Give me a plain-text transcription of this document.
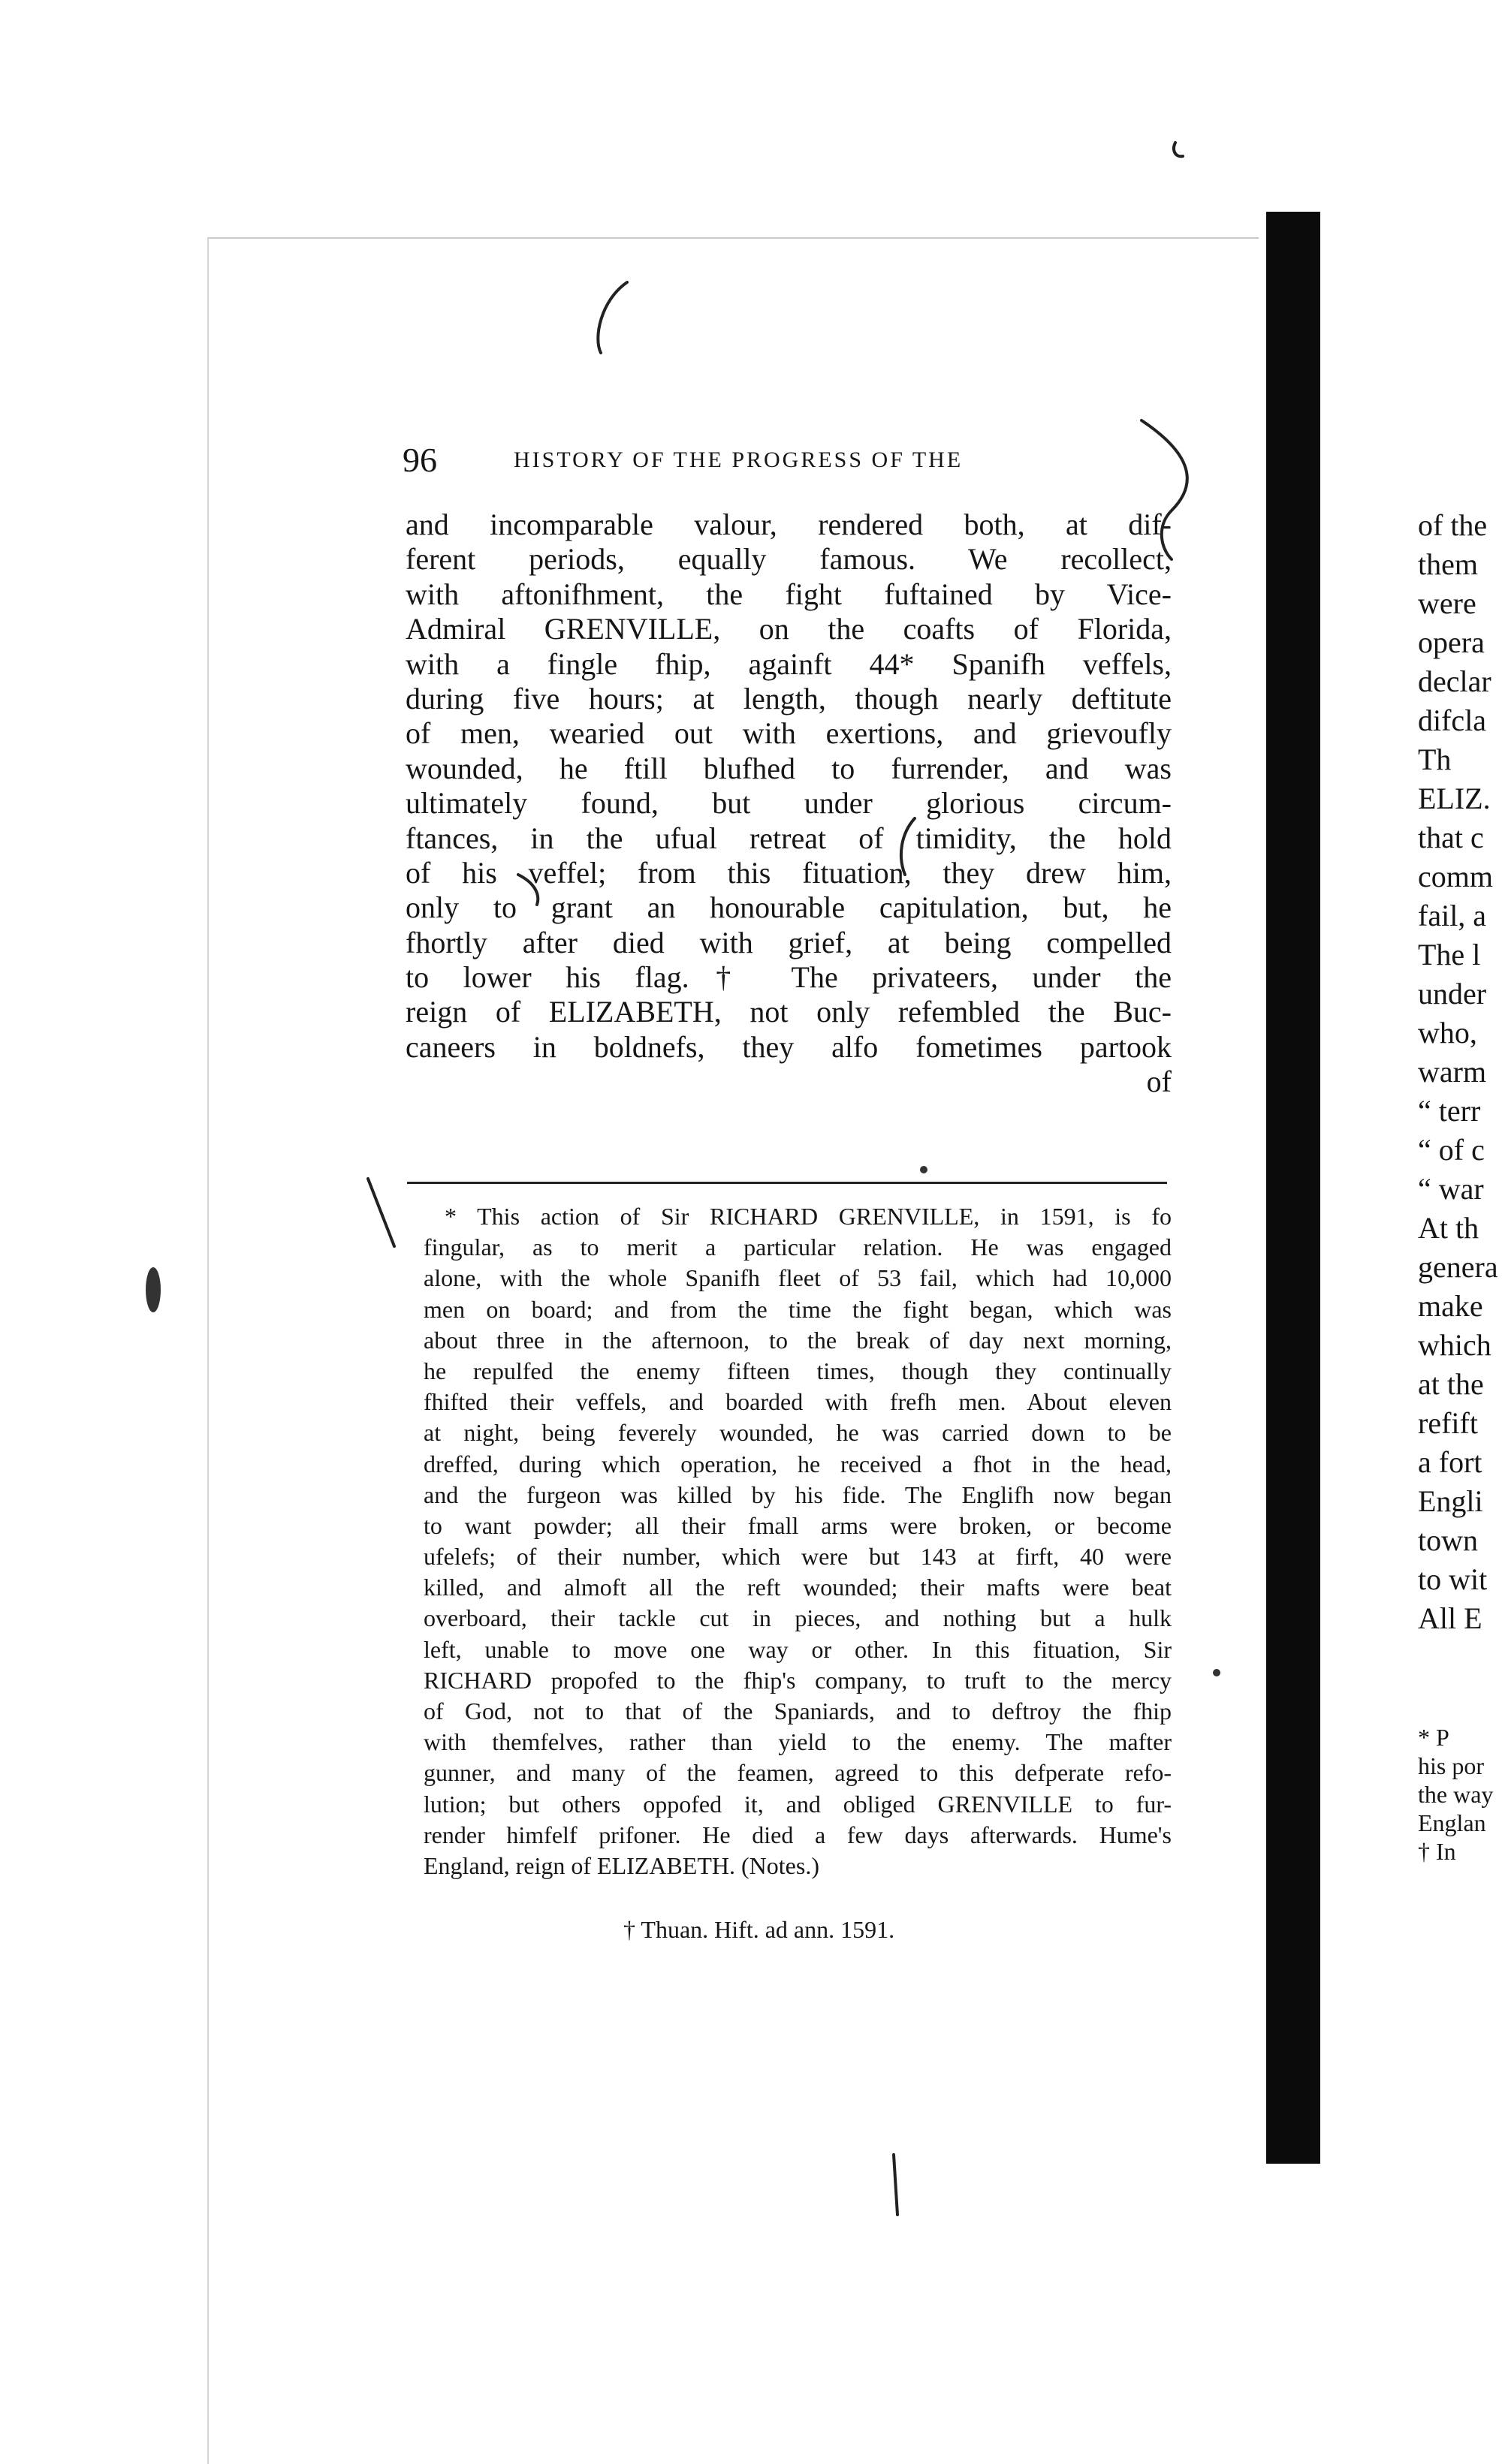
96	HISTORY OF THE PROGRESS OF THE
and incomparable valour, rendered both, at dif-
ferent periods, equally famous. We recollect,
with aftonifhment, the fight fuftained by Vice-
Admiral GRENVILLE, on the coafts of Florida,
with a fingle fhip, againft 44* Spanifh veffels,
during five hours; at length, though nearly deftitute
of men, wearied out with exertions, and grievoufly
wounded, he ftill blufhed to furrender, and was
ultimately found, but under glorious circum-
ftances, in the ufual retreat of timidity, the hold
of his veffel; from this fituation, they drew him,
only to grant an honourable capitulation, but, he
fhortly after died with grief, at being compelled
to lower his flag.† The privateers, under the
reign of ELIZABETH, not only refembled the Buc-
caneers in boldnefs, they alfo fometimes partook
of
* This action of Sir RICHARD GRENVILLE, in 1591, is fo
fingular, as to merit a particular relation. He was engaged
alone, with the whole Spanifh fleet of 53 fail, which had 10,000
men on board; and from the time the fight began, which was
about three in the afternoon, to the break of day next morning,
he repulfed the enemy fifteen times, though they continually
fhifted their veffels, and boarded with frefh men. About eleven
at night, being feverely wounded, he was carried down to be
dreffed, during which operation, he received a fhot in the head,
and the furgeon was killed by his fide. The Englifh now began
to want powder; all their fmall arms were broken, or become
ufelefs; of their number, which were but 143 at firft, 40 were
killed, and almoft all the reft wounded; their mafts were beat
overboard, their tackle cut in pieces, and nothing but a hulk
left, unable to move one way or other. In this fituation, Sir
RICHARD propofed to the fhip's company, to truft to the mercy
of God, not to that of the Spaniards, and to deftroy the fhip
with themfelves, rather than yield to the enemy. The mafter
gunner, and many of the feamen, agreed to this defperate refo-
lution; but others oppofed it, and obliged GRENVILLE to fur-
render himfelf prifoner. He died a few days afterwards. Hume's
England, reign of ELIZABETH. (Notes.)
† Thuan. Hift. ad ann. 1591.
of the
them
were
opera
declar
difcla
Th
ELIZ.
that c
comm
fail, a
The l
under
who,
warm
“ terr
“ of c
“ war
At th
genera
make
which
at the
refift
a fort
Engli
town
to wit
All E
* P
his por
the way
Englan
† In
